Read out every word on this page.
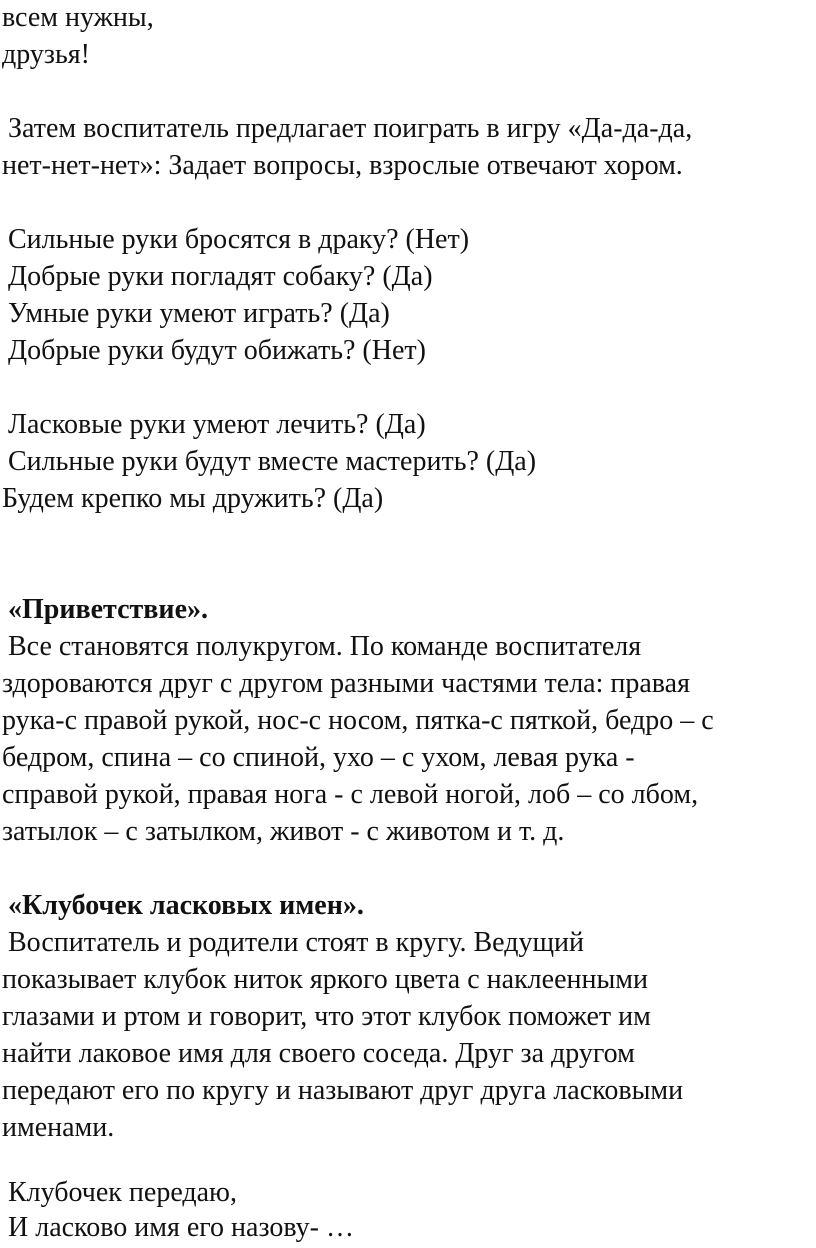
всем нужны,
друзья!
Затем воспитатель предлагает поиграть в игру «Да-да-да,
нет-нет-нет»: Задает вопросы, взрослые отвечают хором.
Сильные руки бросятся в драку? (Нет)
Добрые руки погладят собаку? (Да)
Умные руки умеют играть? (Да)
Добрые руки будут обижать? (Нет)
Ласковые руки умеют лечить? (Да)
Сильные руки будут вместе мастерить? (Да)
Будем крепко мы дружить? (Да)
«Приветствие».
Все становятся полукругом. По команде воспитателя
здороваются друг с другом разными частями тела: правая
рука-с правой рукой, нос-с носом, пятка-с пяткой, бедро – с
бедром, спина – со спиной, ухо – с ухом, левая рука -
справой рукой, правая нога - с левой ногой, лоб – со лбом,
затылок – с затылком, живот - с животом и т. д.
«Клубочек ласковых имен».
Воспитатель и родители стоят в кругу. Ведущий
показывает клубок ниток яркого цвета с наклеенными
глазами и ртом и говорит, что этот клубок поможет им
найти лаковое имя для своего соседа. Друг за другом
передают его по кругу и называют друг друга ласковыми
именами.
Клубочек передаю,
И ласково имя его назову- …
